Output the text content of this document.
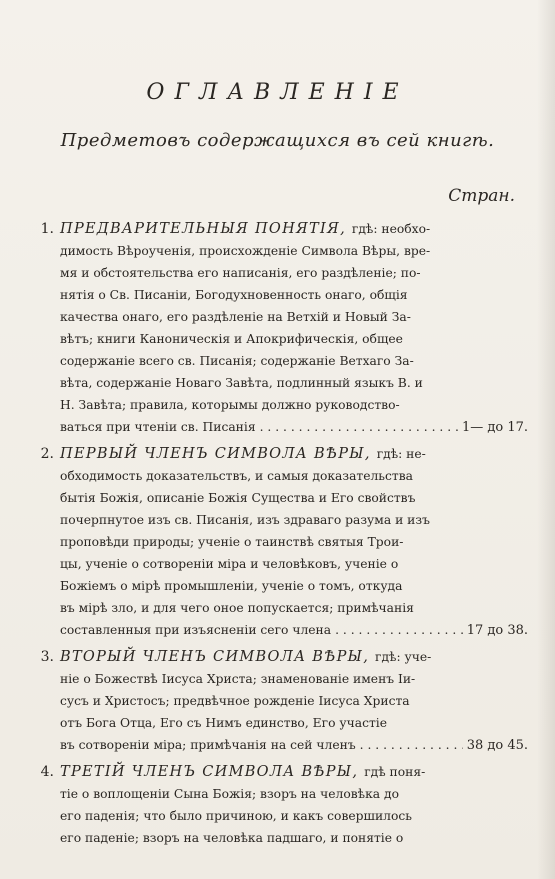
ОГЛАВЛЕНІЕ
Предметовъ содержащихся въ сей книгѣ.
Стран.
1. ПРЕДВАРИТЕЛЬНЫЯ ПОНЯТІЯ, гдѣ: необхо-
димость Вѣроученія, происхожденіе Символа Вѣры, вре-
мя и обстоятельства его написанія, его раздѣленіе; по-
нятія о Св. Писаніи, Богодухновенность онаго, общія
качества онаго, его раздѣленіе на Ветхій и Новый За-
вѣтъ; книги Каноническія и Апокрифическія, общее
содержаніе всего св. Писанія; содержаніе Ветхаго За-
вѣта, содержаніе Новаго Завѣта, подлинный языкъ В. и
Н. Завѣта; правила, которымы должно руководство-
ваться при чтеніи св. Писанія . . .	1— до 17.
2. ПЕРВЫЙ ЧЛЕНЪ СИМВОЛА ВѢРЫ, гдѣ: не-
обходимость доказательствъ, и самыя доказательства
бытія Божія, описаніе Божія Существа и Его свойствъ
почерпнутое изъ св. Писанія, изъ здраваго разума и изъ
проповѣди природы; ученіе о таинствѣ святыя Трои-
цы, ученіе о сотвореніи міра и человѣковъ, ученіе о
Божіемъ о мірѣ промышленіи, ученіе о томъ, откуда
въ мірѣ зло, и для чего оное попускается; примѣчанія
составленныя при изъясненіи сего члена . . .	17 до 38.
3. ВТОРЫЙ ЧЛЕНЪ СИМВОЛА ВѢРЫ, гдѣ: уче-
ніе о Божествѣ Іисуса Христа; знаменованіе именъ Іи-
сусъ и Христосъ; предвѣчное рожденіе Іисуса Христа
отъ Бога Отца, Его съ Нимъ единство, Его участіе
въ сотвореніи міра; примѣчанія на сей членъ . . .	38 до 45.
4. ТРЕТІЙ ЧЛЕНЪ СИМВОЛА ВѢРЫ, гдѣ поня-
тіе о воплощеніи Сына Божія; взоръ на человѣка до
его паденія; что было причиною, и какъ совершилось
его паденіе; взоръ на человѣка падшаго, и понятіе о
